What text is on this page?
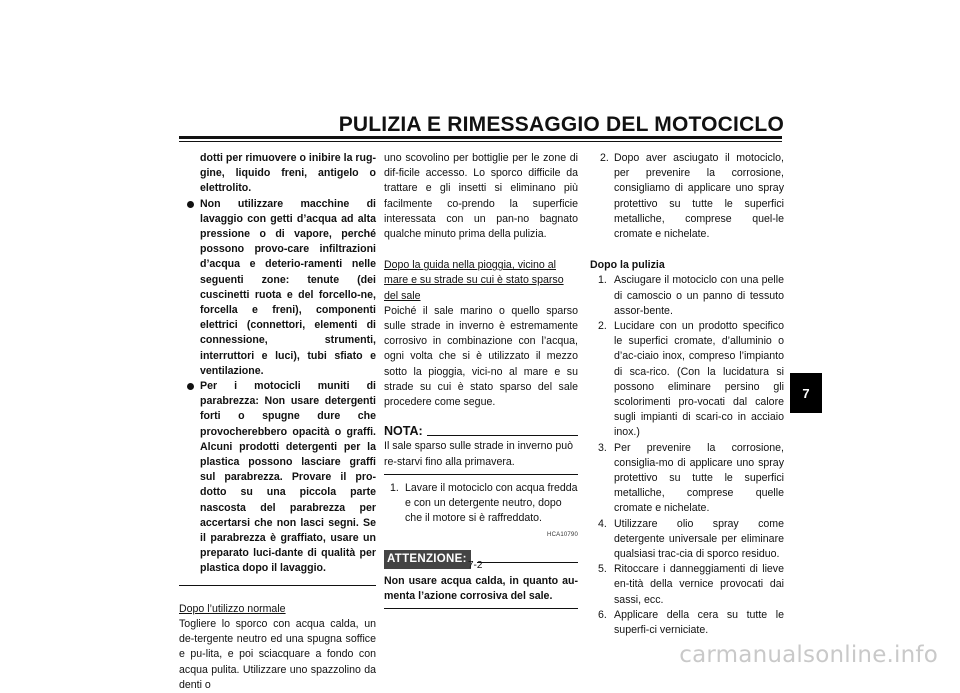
PULIZIA E RIMESSAGGIO DEL MOTOCICLO
dotti per rimuovere o inibire la rug-gine, liquido freni, antigelo o elettrolito.
Non utilizzare macchine di lavaggio con getti d’acqua ad alta pressione o di vapore, perché possono provo-care infiltrazioni d’acqua e deterio-ramenti nelle seguenti zone: tenute (dei cuscinetti ruota e del forcello-ne, forcella e freni), componenti elettrici (connettori, elementi di connessione, strumenti, interruttori e luci), tubi sfiato e ventilazione.
Per i motocicli muniti di parabrezza: Non usare detergenti forti o spugne dure che provocherebbero opacità o graffi. Alcuni prodotti detergenti per la plastica possono lasciare graffi sul parabrezza. Provare il pro-dotto su una piccola parte nascosta del parabrezza per accertarsi che non lasci segni. Se il parabrezza è graffiato, usare un preparato luci-dante di qualità per plastica dopo il lavaggio.
Dopo l’utilizzo normale
Togliere lo sporco con acqua calda, un de-tergente neutro ed una spugna soffice e pu-lita, e poi sciacquare a fondo con acqua pulita. Utilizzare uno spazzolino da denti o
uno scovolino per bottiglie per le zone di dif-ficile accesso. Lo sporco difficile da trattare e gli insetti si eliminano più facilmente co-prendo la superficie interessata con un pan-no bagnato qualche minuto prima della pulizia.
Dopo la guida nella pioggia, vicino al mare e su strade su cui è stato sparso del sale
Poiché il sale marino o quello sparso sulle strade in inverno è estremamente corrosivo in combinazione con l’acqua, ogni volta che si è utilizzato il mezzo sotto la pioggia, vici-no al mare e su strade su cui è stato sparso del sale procedere come segue.
NOTA:
Il sale sparso sulle strade in inverno può re-starvi fino alla primavera.
1. Lavare il motociclo con acqua fredda e con un detergente neutro, dopo che il motore si è raffreddato.
HCA10790
ATTENZIONE:
Non usare acqua calda, in quanto au-menta l’azione corrosiva del sale.
2. Dopo aver asciugato il motociclo, per prevenire la corrosione, consigliamo di applicare uno spray protettivo su tutte le superfici metalliche, comprese quel-le cromate e nichelate.
Dopo la pulizia
1. Asciugare il motociclo con una pelle di camoscio o un panno di tessuto assor-bente.
2. Lucidare con un prodotto specifico le superfici cromate, d’alluminio o d’ac-ciaio inox, compreso l’impianto di sca-rico. (Con la lucidatura si possono eliminare persino gli scolorimenti pro-vocati dal calore sugli impianti di scari-co in acciaio inox.)
3. Per prevenire la corrosione, consiglia-mo di applicare uno spray protettivo su tutte le superfici metalliche, comprese quelle cromate e nichelate.
4. Utilizzare olio spray come detergente universale per eliminare qualsiasi trac-cia di sporco residuo.
5. Ritoccare i danneggiamenti di lieve en-tità della vernice provocati dai sassi, ecc.
6. Applicare della cera su tutte le superfi-ci verniciate.
7
7-2
carmanualsonline.info
